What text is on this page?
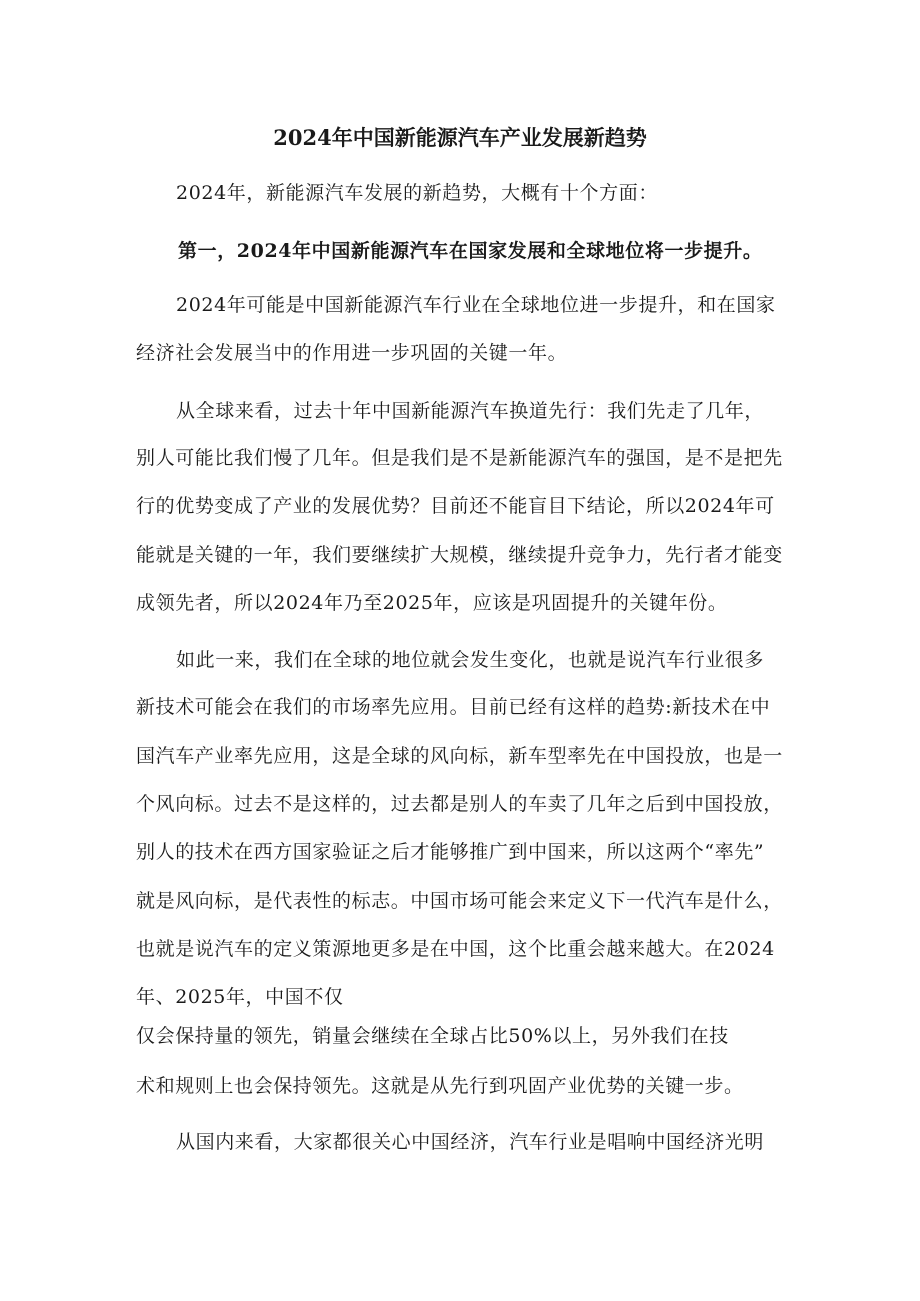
2024年中国新能源汽车产业发展新趋势
2024年，新能源汽车发展的新趋势，大概有十个方面：
第一，2024年中国新能源汽车在国家发展和全球地位将一步提升。
2024年可能是中国新能源汽车行业在全球地位进一步提升，和在国家
经济社会发展当中的作用进一步巩固的关键一年。
从全球来看，过去十年中国新能源汽车换道先行：我们先走了几年，
别人可能比我们慢了几年。但是我们是不是新能源汽车的强国，是不是把先
行的优势变成了产业的发展优势？目前还不能盲目下结论，所以2024年可
能就是关键的一年，我们要继续扩大规模，继续提升竞争力，先行者才能变
成领先者，所以2024年乃至2025年，应该是巩固提升的关键年份。
如此一来，我们在全球的地位就会发生变化，也就是说汽车行业很多
新技术可能会在我们的市场率先应用。目前已经有这样的趋势:新技术在中
国汽车产业率先应用，这是全球的风向标，新车型率先在中国投放，也是一
个风向标。过去不是这样的，过去都是别人的车卖了几年之后到中国投放，
别人的技术在西方国家验证之后才能够推广到中国来，所以这两个“率先”
就是风向标，是代表性的标志。中国市场可能会来定义下一代汽车是什么，
也就是说汽车的定义策源地更多是在中国，这个比重会越来越大。在2024
年、2025年，中国不仅
仅会保持量的领先，销量会继续在全球占比50%以上，另外我们在技
术和规则上也会保持领先。这就是从先行到巩固产业优势的关键一步。
从国内来看，大家都很关心中国经济，汽车行业是唱响中国经济光明
